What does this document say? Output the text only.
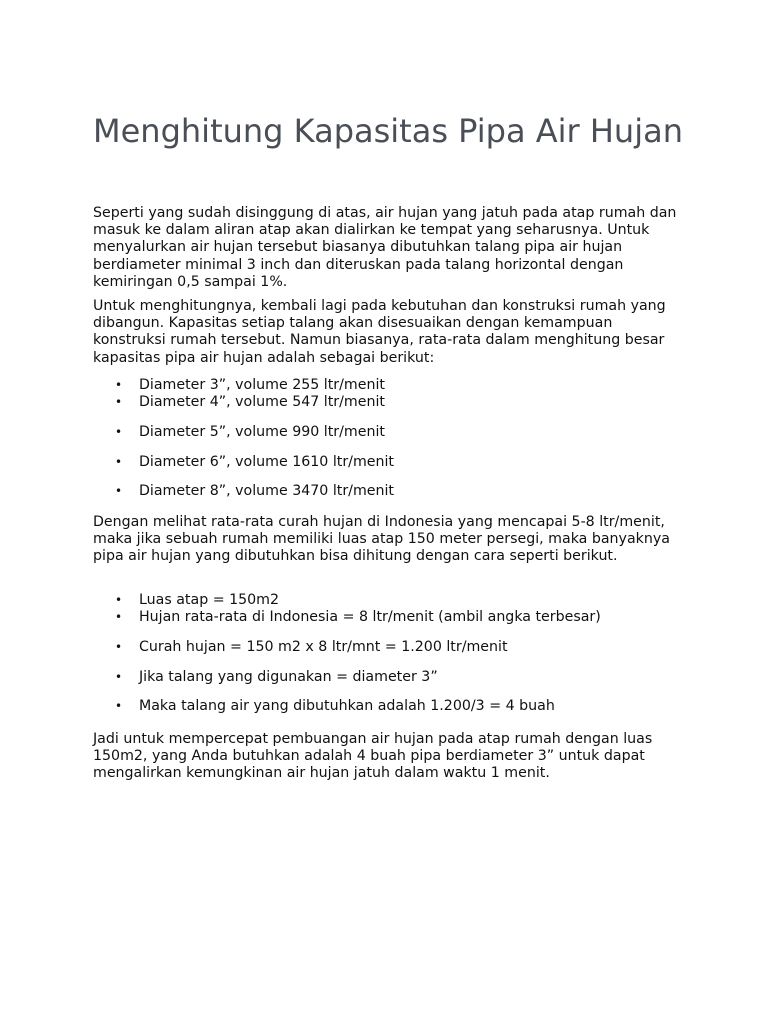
Menghitung Kapasitas Pipa Air Hujan

Seperti yang sudah disinggung di atas, air hujan yang jatuh pada atap rumah dan masuk ke dalam aliran atap akan dialirkan ke tempat yang seharusnya. Untuk menyalurkan air hujan tersebut biasanya dibutuhkan talang pipa air hujan berdiameter minimal 3 inch dan diteruskan pada talang horizontal dengan kemiringan 0,5 sampai 1%.

Untuk menghitungnya, kembali lagi pada kebutuhan dan konstruksi rumah yang dibangun. Kapasitas setiap talang akan disesuaikan dengan kemampuan konstruksi rumah tersebut. Namun biasanya, rata-rata dalam menghitung besar kapasitas pipa air hujan adalah sebagai berikut:

• Diameter 3”, volume 255 ltr/menit
• Diameter 4”, volume 547 ltr/menit
• Diameter 5”, volume 990 ltr/menit
• Diameter 6”, volume 1610 ltr/menit
• Diameter 8”, volume 3470 ltr/menit

Dengan melihat rata-rata curah hujan di Indonesia yang mencapai 5-8 ltr/menit, maka jika sebuah rumah memiliki luas atap 150 meter persegi, maka banyaknya pipa air hujan yang dibutuhkan bisa dihitung dengan cara seperti berikut.

• Luas atap = 150m2
• Hujan rata-rata di Indonesia = 8 ltr/menit (ambil angka terbesar)
• Curah hujan = 150 m2 x 8 ltr/mnt = 1.200 ltr/menit
• Jika talang yang digunakan = diameter 3”
• Maka talang air yang dibutuhkan adalah 1.200/3 = 4 buah

Jadi untuk mempercepat pembuangan air hujan pada atap rumah dengan luas 150m2, yang Anda butuhkan adalah 4 buah pipa berdiameter 3” untuk dapat mengalirkan kemungkinan air hujan jatuh dalam waktu 1 menit.
